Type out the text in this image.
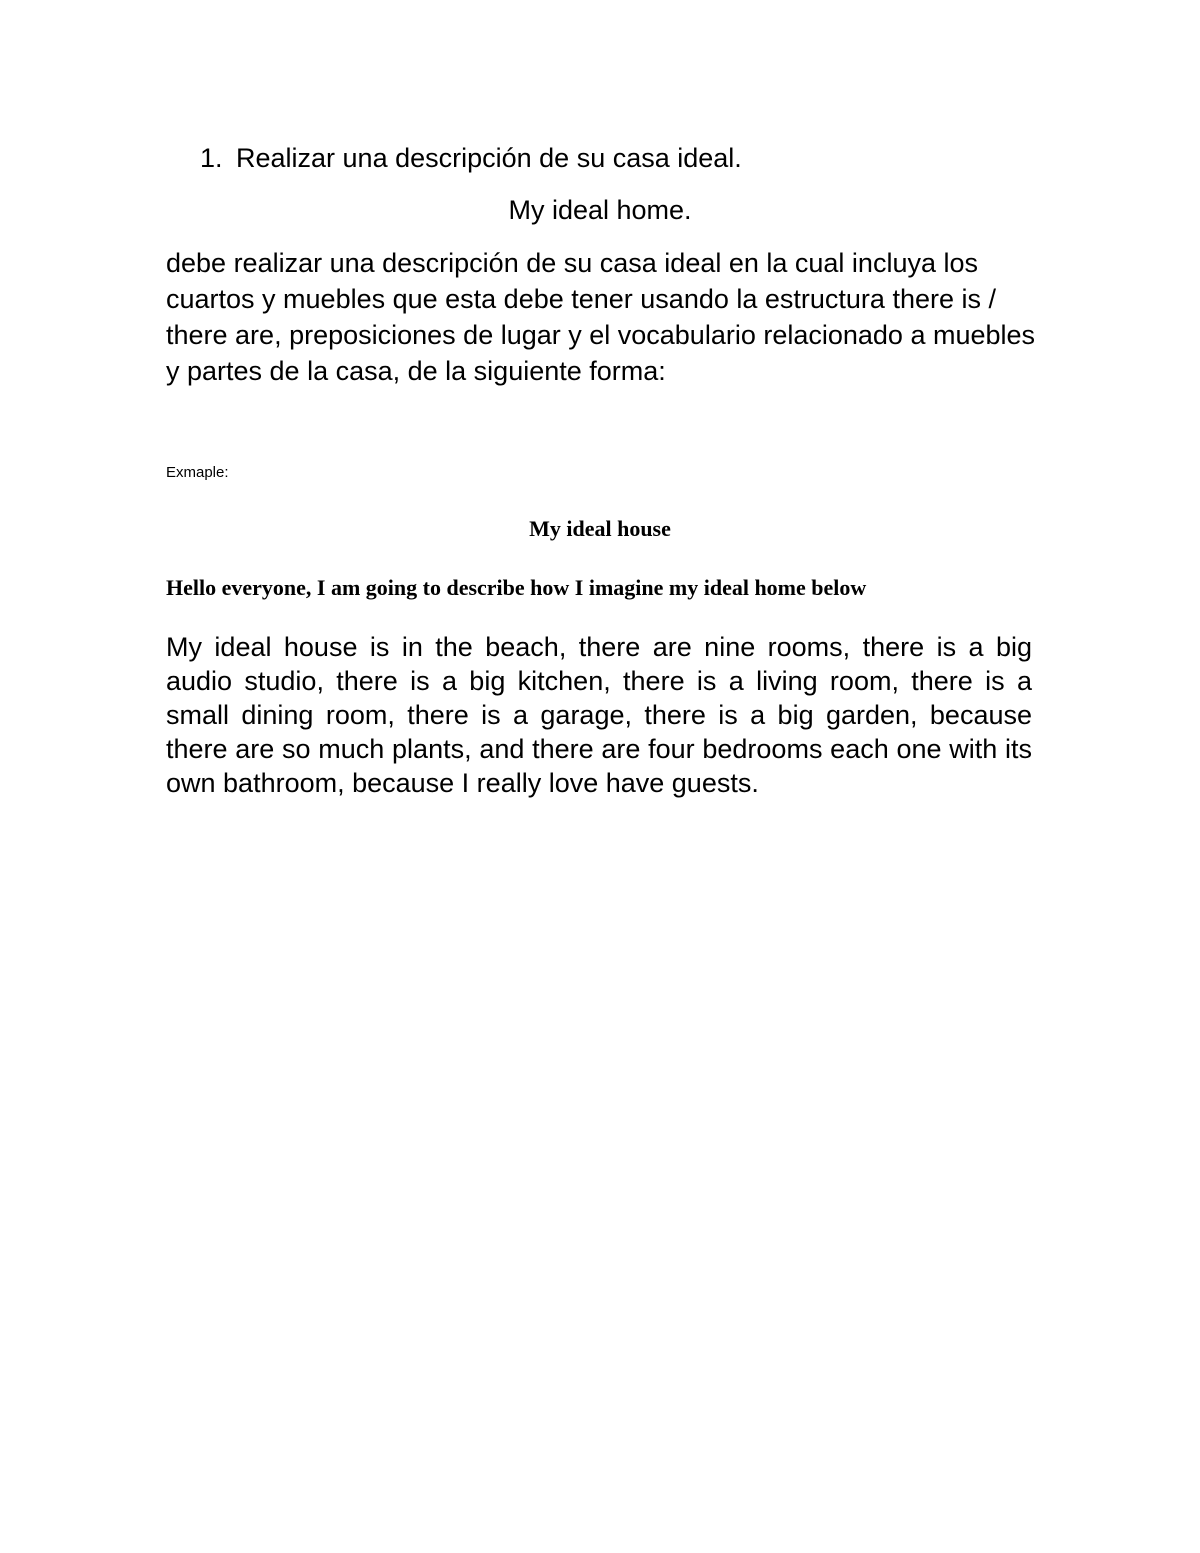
1. Realizar una descripción de su casa ideal.
My ideal home.

debe realizar una descripción de su casa ideal en la cual incluya los cuartos y muebles que esta debe tener usando la estructura there is / there are, preposiciones de lugar y el vocabulario relacionado a muebles y partes de la casa, de la siguiente forma:

Exmaple:
My ideal house
Hello everyone, I am going to describe how I imagine my ideal home below

My ideal house is in the beach, there are nine rooms, there is a big audio studio, there is a big kitchen, there is a living room, there is a small dining room, there is a garage, there is a big garden, because there are so much plants, and there are four bedrooms each one with its own bathroom, because I really love have guests.
